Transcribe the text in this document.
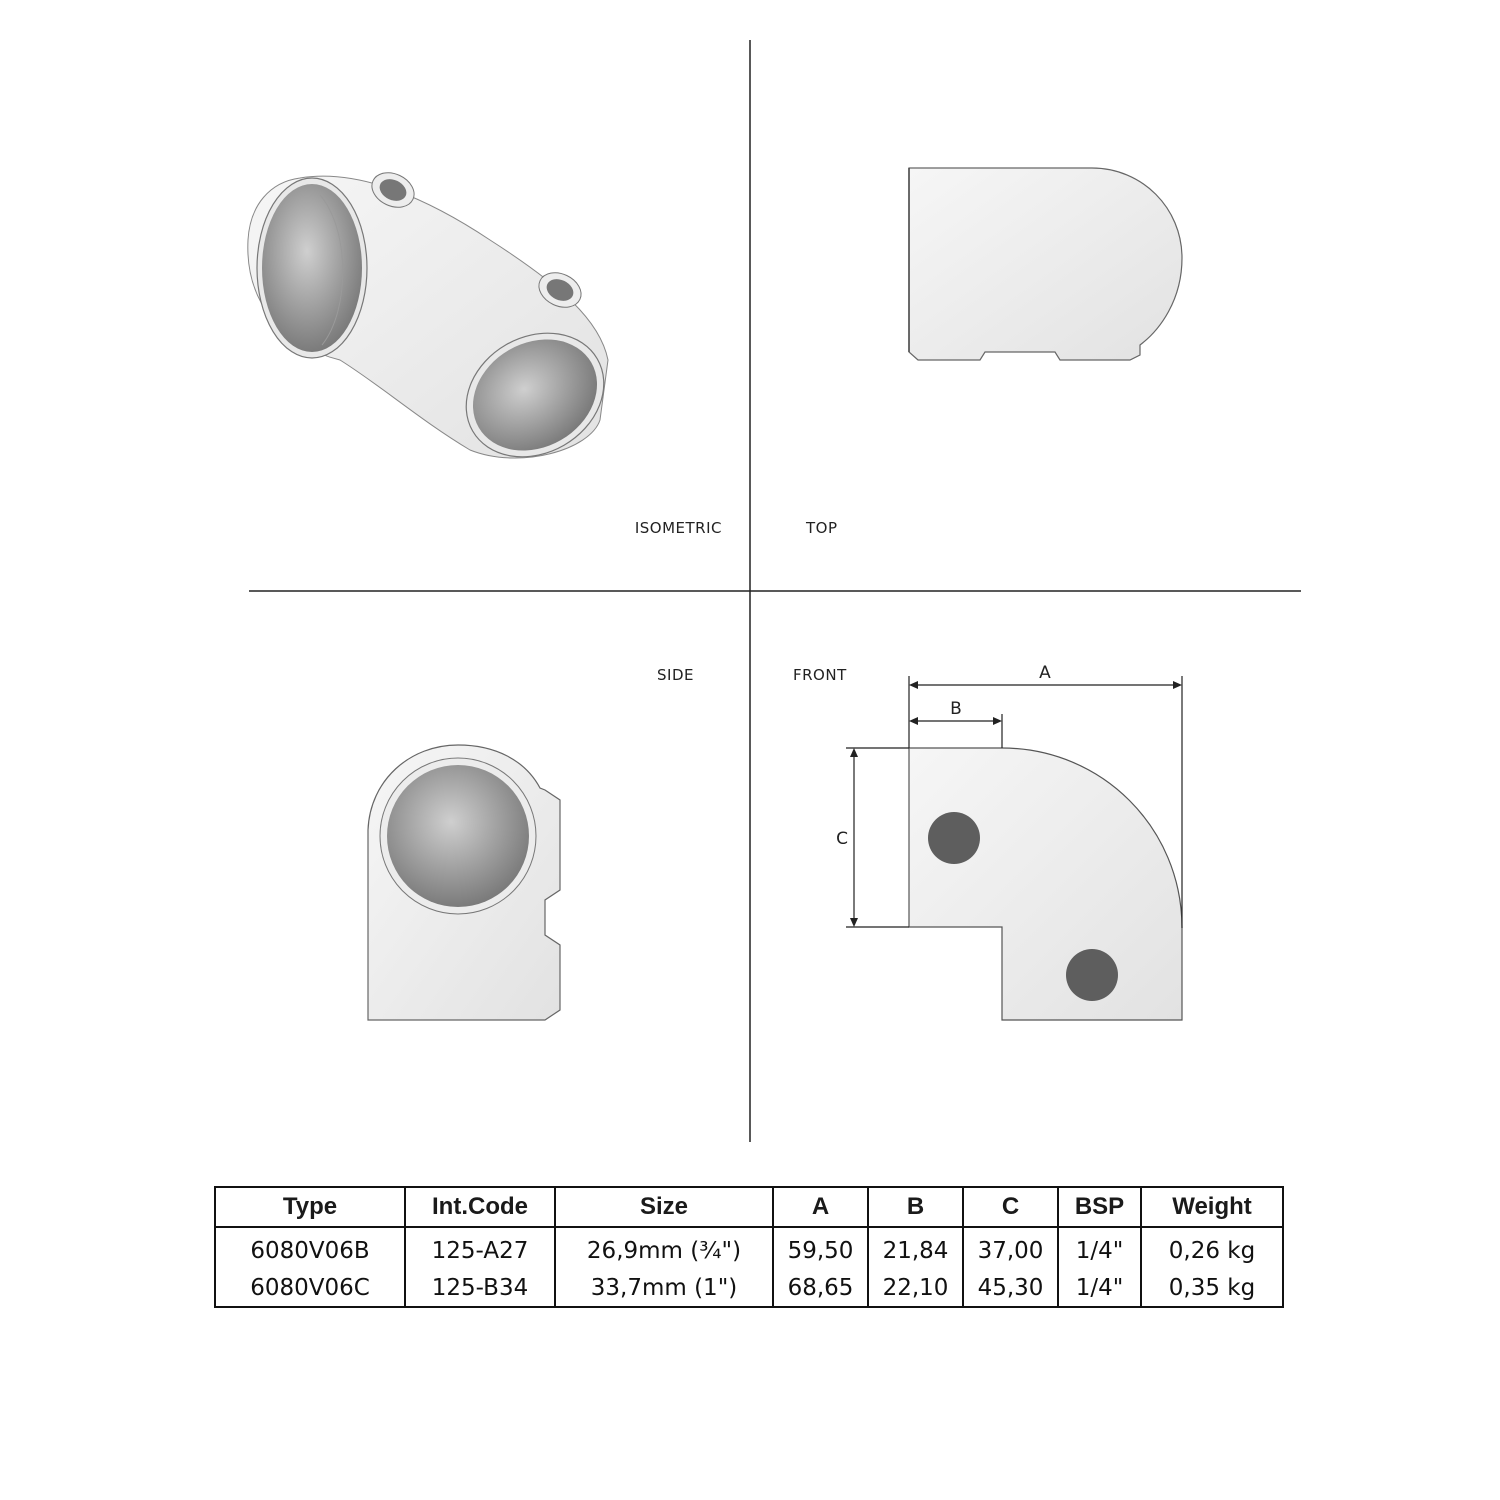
ISOMETRIC	TOP
SIDE	FRONT	A
B
C
Type	Int.Code	Size	A	B	C	BSP	Weight
6080V06B	125-A27	26,9mm (¾")	59,50	21,84	37,00	1/4"	0,26 kg
6080V06C	125-B34	33,7mm (1")	68,65	22,10	45,30	1/4"	0,35 kg
